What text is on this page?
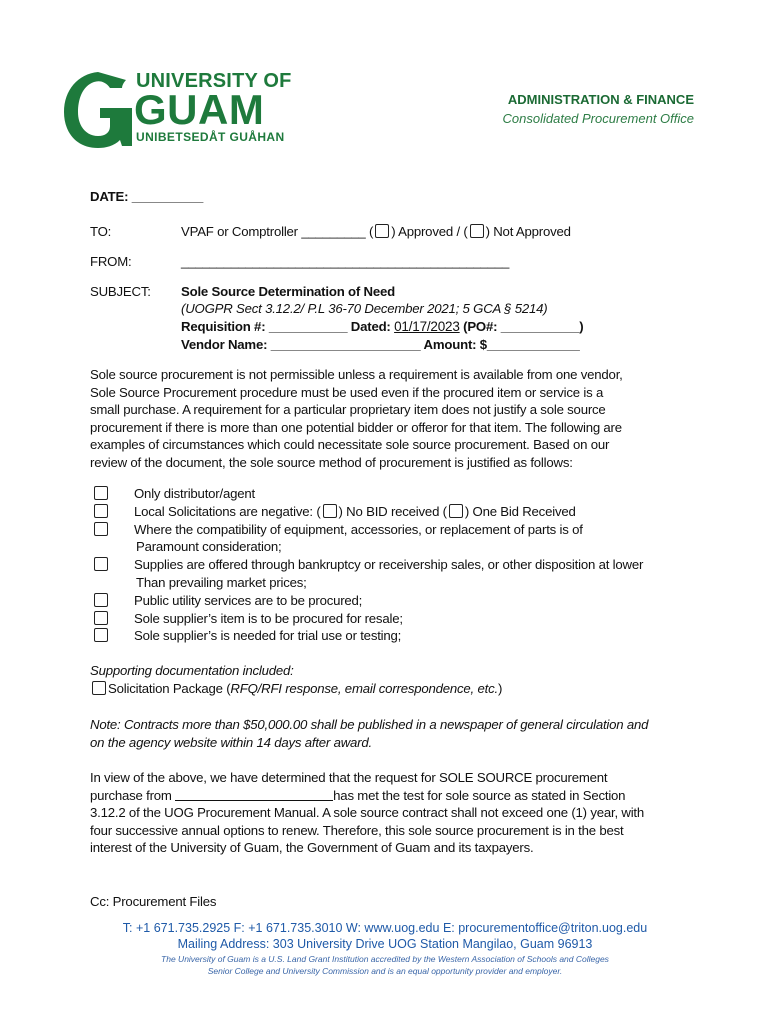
UNIVERSITY OF
GUAM
UNIBETSEDÅT GUÅHAN
ADMINISTRATION & FINANCE
Consolidated Procurement Office
DATE: __________
TO:	VPAF or Comptroller _________ ( ) Approved / ( ) Not Approved
FROM:	______________________________________________
SUBJECT: Sole Source Determination of Need
(UOGPR Sect 3.12.2/ P.L 36-70 December 2021; 5 GCA § 5214)
Requisition #: ___________ Dated: 01/17/2023 (PO#: ___________)
Vendor Name: _____________________ Amount: $_____________
Sole source procurement is not permissible unless a requirement is available from one vendor, Sole Source Procurement procedure must be used even if the procured item or service is a small purchase. A requirement for a particular proprietary item does not justify a sole source procurement if there is more than one potential bidder or offeror for that item. The following are examples of circumstances which could necessitate sole source procurement. Based on our review of the document, the sole source method of procurement is justified as follows:
Only distributor/agent
Local Solicitations are negative: ( ) No BID received ( ) One Bid Received
Where the compatibility of equipment, accessories, or replacement of parts is of
Paramount consideration;
Supplies are offered through bankruptcy or receivership sales, or other disposition at lower
Than prevailing market prices;
Public utility services are to be procured;
Sole supplier’s item is to be procured for resale;
Sole supplier’s is needed for trial use or testing;
Supporting documentation included:
Solicitation Package (RFQ/RFI response, email correspondence, etc.)
Note: Contracts more than $50,000.00 shall be published in a newspaper of general circulation and on the agency website within 14 days after award.
In view of the above, we have determined that the request for SOLE SOURCE procurement
purchase from	has met the test for sole source as stated in Section
3.12.2 of the UOG Procurement Manual. A sole source contract shall not exceed one (1) year, with
four successive annual options to renew. Therefore, this sole source procurement is in the best
interest of the University of Guam, the Government of Guam and its taxpayers.
Cc: Procurement Files
T: +1 671.735.2925 F: +1 671.735.3010 W: www.uog.edu E: procurementoffice@triton.uog.edu
Mailing Address: 303 University Drive UOG Station Mangilao, Guam 96913
The University of Guam is a U.S. Land Grant Institution accredited by the Western Association of Schools and Colleges
Senior College and University Commission and is an equal opportunity provider and employer.
